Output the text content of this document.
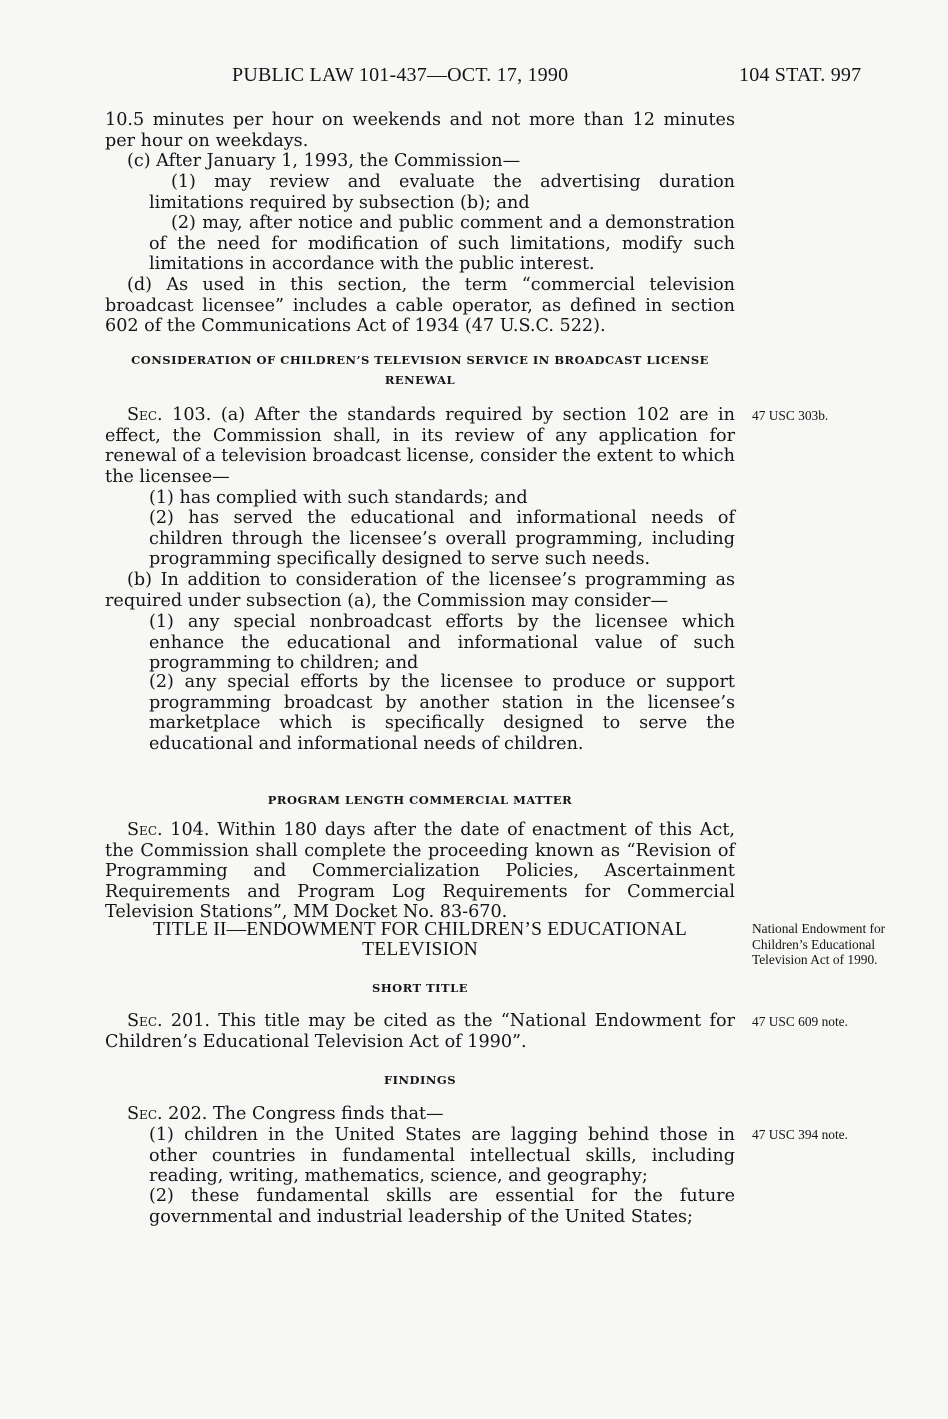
PUBLIC LAW 101-437—OCT. 17, 1990	104 STAT. 997
10.5 minutes per hour on weekends and not more than 12 minutes per hour on weekdays.
(c) After January 1, 1993, the Commission—
(1) may review and evaluate the advertising duration limitations required by subsection (b); and
(2) may, after notice and public comment and a demonstration of the need for modification of such limitations, modify such limitations in accordance with the public interest.
(d) As used in this section, the term “commercial television broadcast licensee” includes a cable operator, as defined in section 602 of the Communications Act of 1934 (47 U.S.C. 522).
CONSIDERATION OF CHILDREN’S TELEVISION SERVICE IN BROADCAST LICENSE RENEWAL
Sec. 103. (a) After the standards required by section 102 are in effect, the Commission shall, in its review of any application for renewal of a television broadcast license, consider the extent to which the licensee—
(1) has complied with such standards; and
(2) has served the educational and informational needs of children through the licensee’s overall programming, including programming specifically designed to serve such needs.
(b) In addition to consideration of the licensee’s programming as required under subsection (a), the Commission may consider—
(1) any special nonbroadcast efforts by the licensee which enhance the educational and informational value of such programming to children; and
(2) any special efforts by the licensee to produce or support programming broadcast by another station in the licensee’s marketplace which is specifically designed to serve the educational and informational needs of children.
PROGRAM LENGTH COMMERCIAL MATTER
Sec. 104. Within 180 days after the date of enactment of this Act, the Commission shall complete the proceeding known as “Revision of Programming and Commercialization Policies, Ascertainment Requirements and Program Log Requirements for Commercial Television Stations”, MM Docket No. 83-670.
TITLE II—ENDOWMENT FOR CHILDREN’S EDUCATIONAL TELEVISION
SHORT TITLE
Sec. 201. This title may be cited as the “National Endowment for Children’s Educational Television Act of 1990”.
FINDINGS
Sec. 202. The Congress finds that—
(1) children in the United States are lagging behind those in other countries in fundamental intellectual skills, including reading, writing, mathematics, science, and geography;
(2) these fundamental skills are essential for the future governmental and industrial leadership of the United States;
47 USC 303b.
National Endowment for Children’s Educational Television Act of 1990.
47 USC 609 note.
47 USC 394 note.
